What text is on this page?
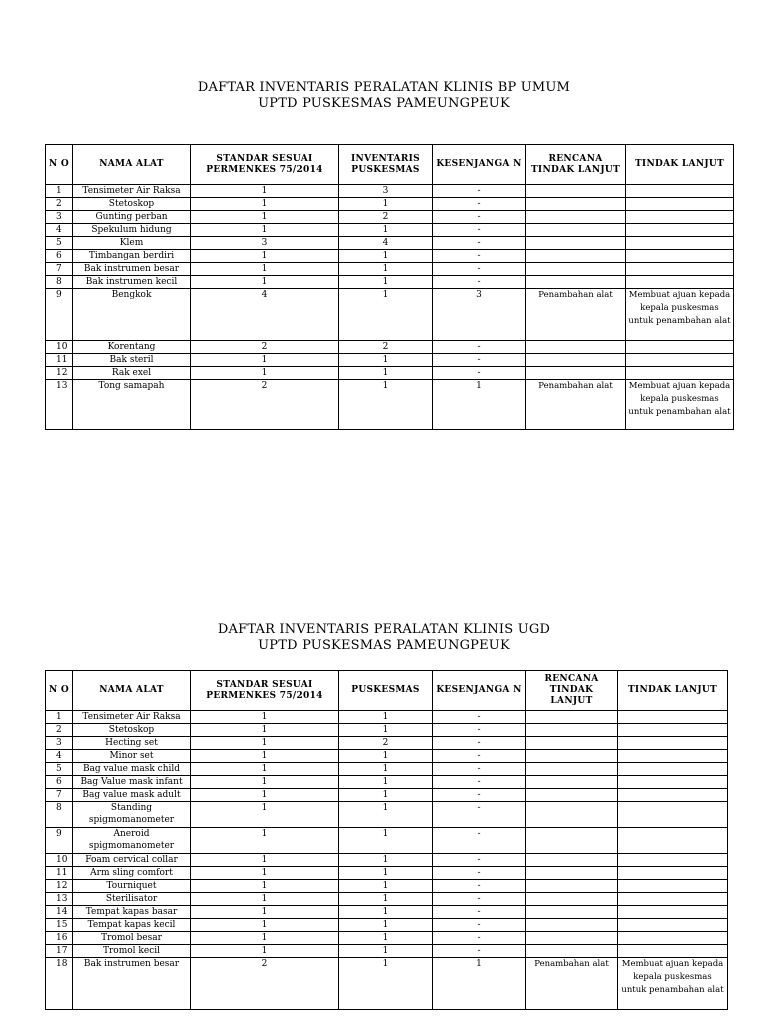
DAFTAR INVENTARIS PERALATAN KLINIS BP UMUM
UPTD PUSKESMAS PAMEUNGPEUK
N O	NAMA ALAT	STANDAR SESUAI PERMENKES 75/2014	INVENTARIS PUSKESMAS	KESENJANGA N	RENCANA TINDAK LANJUT	TINDAK LANJUT
1	Tensimeter Air Raksa	1	3	-		
2	Stetoskop	1	1	-		
3	Gunting perban	1	2	-		
4	Spekulum hidung	1	1	-		
5	Klem	3	4	-		
6	Timbangan berdiri	1	1	-		
7	Bak instrumen besar	1	1	-		
8	Bak instrumen kecil	1	1	-		
9	Bengkok	4	1	3	Penambahan alat	Membuat ajuan kepada kepala puskesmas untuk penambahan alat
10	Korentang	2	2	-		
11	Bak steril	1	1	-		
12	Rak exel	1	1	-		
13	Tong samapah	2	1	1	Penambahan alat	Membuat ajuan kepada kepala puskesmas untuk penambahan alat
DAFTAR INVENTARIS PERALATAN KLINIS UGD
UPTD PUSKESMAS PAMEUNGPEUK
N O	NAMA ALAT	STANDAR SESUAI PERMENKES 75/2014	PUSKESMAS	KESENJANGA N	RENCANA TINDAK LANJUT	TINDAK LANJUT
1	Tensimeter Air Raksa	1	1	-		
2	Stetoskop	1	1	-		
3	Hecting set	1	2	-		
4	Minor set	1	1	-		
5	Bag value mask child	1	1	-		
6	Bag Value mask infant	1	1	-		
7	Bag value mask adult	1	1	-		
8	Standing spigmomanometer	1	1	-		
9	Aneroid spigmomanometer	1	1	-		
10	Foam cervical collar	1	1	-		
11	Arm sling comfort	1	1	-		
12	Tourniquet	1	1	-		
13	Sterilisator	1	1	-		
14	Tempat kapas basar	1	1	-		
15	Tempat kapas kecil	1	1	-		
16	Tromol besar	1	1	-		
17	Tromol kecil	1	1	-		
18	Bak instrumen besar	2	1	1	Penambahan alat	Membuat ajuan kepada kepala puskesmas untuk penambahan alat
